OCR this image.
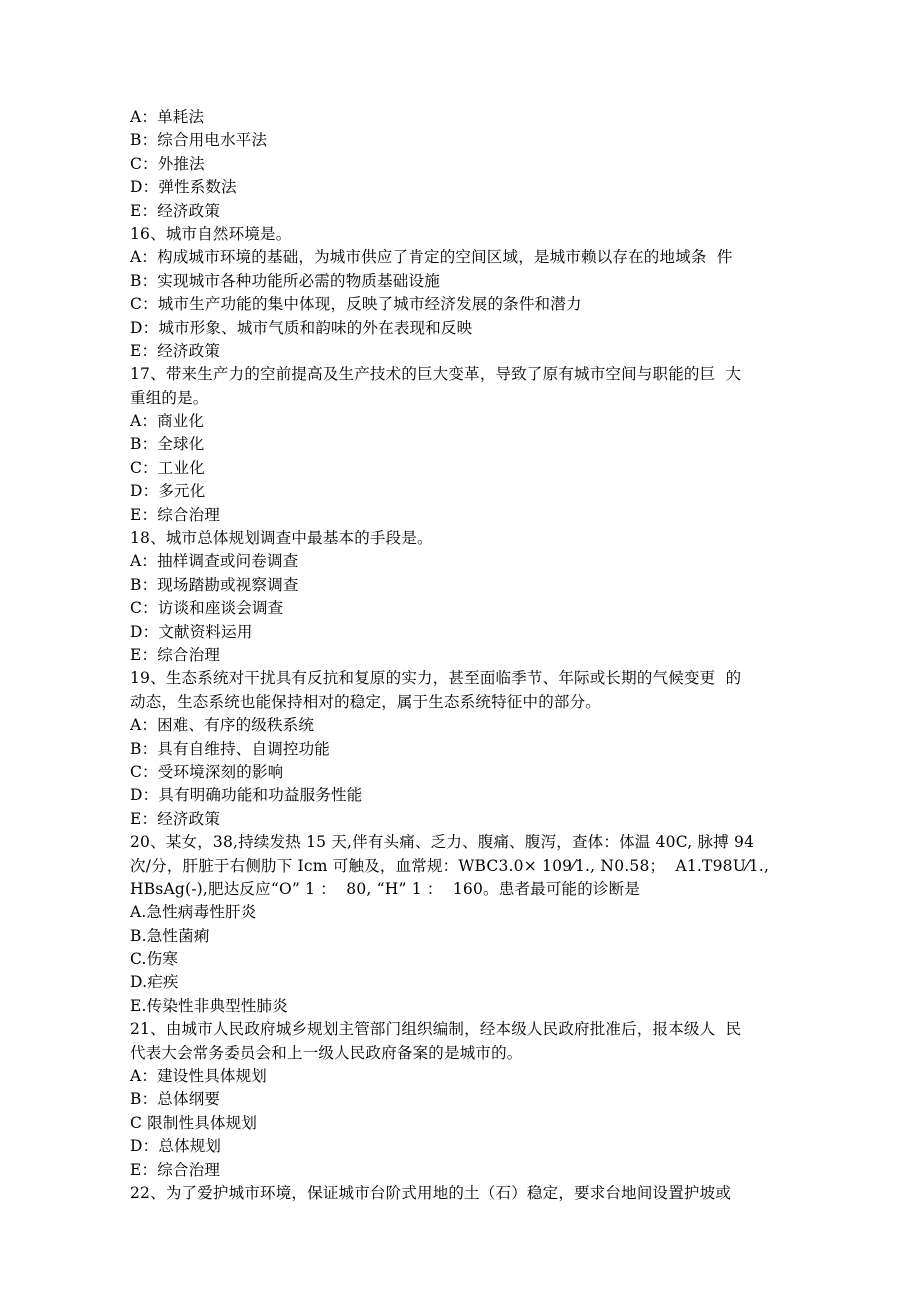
A：单耗法
B：综合用电水平法
C：外推法
D：弹性系数法
E：经济政策
16、城市自然环境是。
A：构成城市环境的基础，为城市供应了肯定的空间区域，是城市赖以存在的地域条  件
B：实现城市各种功能所必需的物质基础设施
C：城市生产功能的集中体现，反映了城市经济发展的条件和潜力
D：城市形象、城市气质和韵味的外在表现和反映
E：经济政策
17、带来生产力的空前提高及生产技术的巨大变革，导致了原有城市空间与职能的巨  大
重组的是。
A：商业化
B：全球化
C：工业化
D：多元化
E：综合治理
18、城市总体规划调查中最基本的手段是。
A：抽样调查或问卷调查
B：现场踏勘或视察调查
C：访谈和座谈会调查
D：文献资料运用
E：综合治理
19、生态系统对干扰具有反抗和复原的实力，甚至面临季节、年际或长期的气候变更  的
动态，生态系统也能保持相对的稳定，属于生态系统特征中的部分。
A：困难、有序的级秩系统
B：具有自维持、自调控功能
C：受环境深刻的影响
D：具有明确功能和功益服务性能
E：经济政策
20、某女，38,持续发热 15 天,伴有头痛、乏力、腹痛、腹泻，查体：体温 40C, 脉搏 94
次/分，肝脏于右侧肋下 Icm 可触及，血常规：WBC3.0× 109⁄1., N0.58；  A1.T98U⁄1.,
HBsAg(-),肥达反应“O” 1 ：  80, “H” 1 ：  160。患者最可能的诊断是
A.急性病毒性肝炎
B.急性菌痢
C.伤寒
D.疟疾
E.传染性非典型性肺炎
21、由城市人民政府城乡规划主管部门组织编制，经本级人民政府批准后，报本级人  民
代表大会常务委员会和上一级人民政府备案的是城市的。
A：建设性具体规划
B：总体纲要
C 限制性具体规划
D：总体规划
E：综合治理
22、为了爱护城市环境，保证城市台阶式用地的土（石）稳定，要求台地间设置护坡或
